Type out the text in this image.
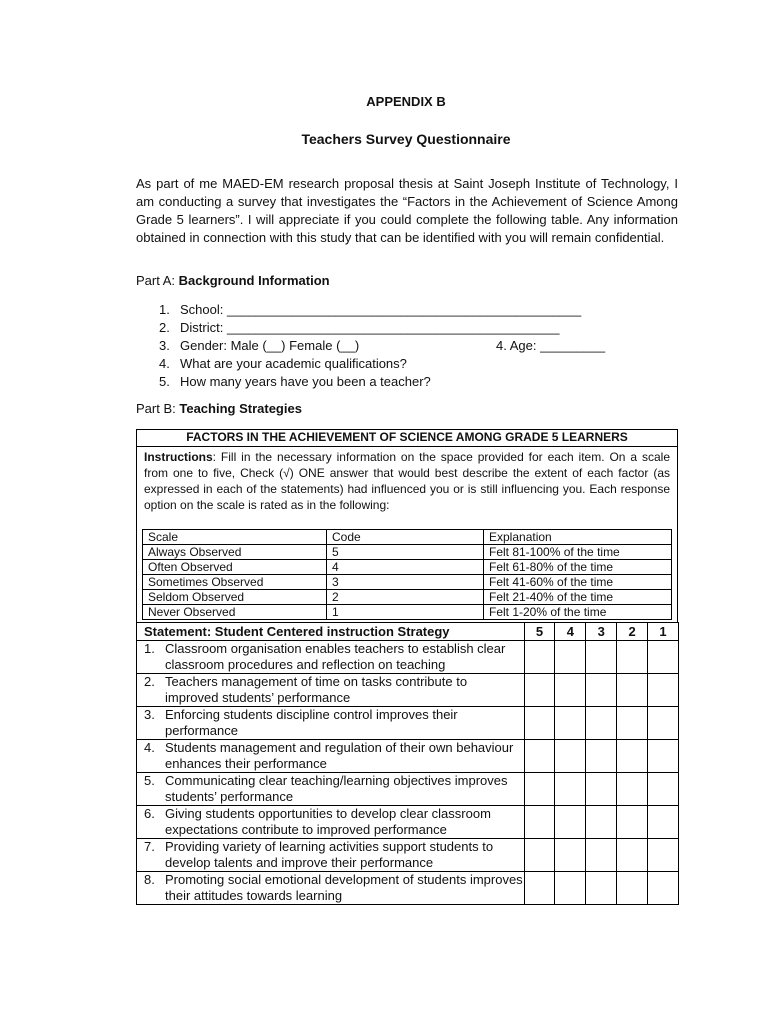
APPENDIX B
Teachers Survey Questionnaire

As part of me MAED-EM research proposal thesis at Saint Joseph Institute of Technology, I am conducting a survey that investigates the “Factors in the Achievement of Science Among Grade 5 learners”. I will appreciate if you could complete the following table. Any information obtained in connection with this study that can be identified with you will remain confidential.

Part A: Background Information
1. School: _________________________________________________
2. District: ______________________________________________
3. Gender: Male (__) Female (__)	4. Age: _________
4. What are your academic qualifications?
5. How many years have you been a teacher?
Part B: Teaching Strategies
FACTORS IN THE ACHIEVEMENT OF SCIENCE AMONG GRADE 5 LEARNERS
Instructions: Fill in the necessary information on the space provided for each item. On a scale from one to five, Check (√) ONE answer that would best describe the extent of each factor (as expressed in each of the statements) had influenced you or is still influencing you. Each response option on the scale is rated as in the following:
Scale	Code	Explanation
Always Observed	5	Felt 81-100% of the time
Often Observed	4	Felt 61-80% of the time
Sometimes Observed	3	Felt 41-60% of the time
Seldom Observed	2	Felt 21-40% of the time
Never Observed	1	Felt 1-20% of the time
Statement: Student Centered instruction Strategy	5	4	3	2	1

1. Classroom organisation enables teachers to establish clear classroom procedures and reflection on teaching					

2. Teachers management of time on tasks contribute to improved students’ performance					

3. Enforcing students discipline control improves their performance					

4. Students management and regulation of their own behaviour enhances their performance					

5. Communicating clear teaching/learning objectives improves students’ performance					

6. Giving students opportunities to develop clear classroom expectations contribute to improved performance					

7. Providing variety of learning activities support students to develop talents and improve their performance					

8. Promoting social emotional development of students improves their attitudes towards learning					
